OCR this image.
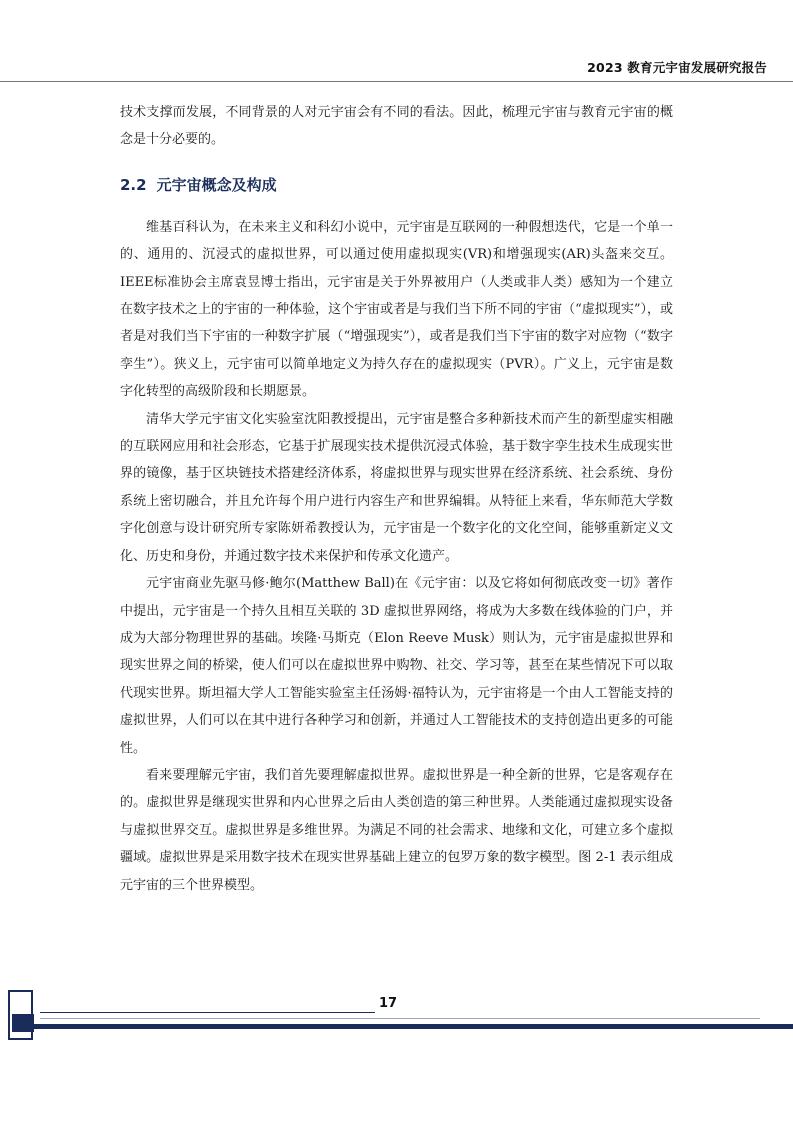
2023 教育元宇宙发展研究报告

技术支撑而发展，不同背景的人对元宇宙会有不同的看法。因此，梳理元宇宙与教育元宇宙的概念是十分必要的。

2.2 元宇宙概念及构成

维基百科认为，在未来主义和科幻小说中，元宇宙是互联网的一种假想迭代，它是一个单一的、通用的、沉浸式的虚拟世界，可以通过使用虚拟现实(VR)和增强现实(AR)头盔来交互。IEEE标准协会主席袁昱博士指出，元宇宙是关于外界被用户（人类或非人类）感知为一个建立在数字技术之上的宇宙的一种体验，这个宇宙或者是与我们当下所不同的宇宙（“虚拟现实”），或者是对我们当下宇宙的一种数字扩展（“增强现实”），或者是我们当下宇宙的数字对应物（“数字孪生”）。狭义上，元宇宙可以简单地定义为持久存在的虚拟现实（PVR）。广义上，元宇宙是数字化转型的高级阶段和长期愿景。

清华大学元宇宙文化实验室沈阳教授提出，元宇宙是整合多种新技术而产生的新型虚实相融的互联网应用和社会形态，它基于扩展现实技术提供沉浸式体验，基于数字孪生技术生成现实世界的镜像，基于区块链技术搭建经济体系，将虚拟世界与现实世界在经济系统、社会系统、身份系统上密切融合，并且允许每个用户进行内容生产和世界编辑。从特征上来看，华东师范大学数字化创意与设计研究所专家陈妍希教授认为，元宇宙是一个数字化的文化空间，能够重新定义文化、历史和身份，并通过数字技术来保护和传承文化遗产。

元宇宙商业先驱马修·鲍尔(Matthew Ball)在《元宇宙：以及它将如何彻底改变一切》著作中提出，元宇宙是一个持久且相互关联的 3D 虚拟世界网络，将成为大多数在线体验的门户，并成为大部分物理世界的基础。埃隆·马斯克（Elon Reeve Musk）则认为，元宇宙是虚拟世界和现实世界之间的桥梁，使人们可以在虚拟世界中购物、社交、学习等，甚至在某些情况下可以取代现实世界。斯坦福大学人工智能实验室主任汤姆·福特认为，元宇宙将是一个由人工智能支持的虚拟世界，人们可以在其中进行各种学习和创新，并通过人工智能技术的支持创造出更多的可能性。

看来要理解元宇宙，我们首先要理解虚拟世界。虚拟世界是一种全新的世界，它是客观存在的。虚拟世界是继现实世界和内心世界之后由人类创造的第三种世界。人类能通过虚拟现实设备与虚拟世界交互。虚拟世界是多维世界。为满足不同的社会需求、地缘和文化，可建立多个虚拟疆域。虚拟世界是采用数字技术在现实世界基础上建立的包罗万象的数字模型。图 2-1 表示组成元宇宙的三个世界模型。

17
